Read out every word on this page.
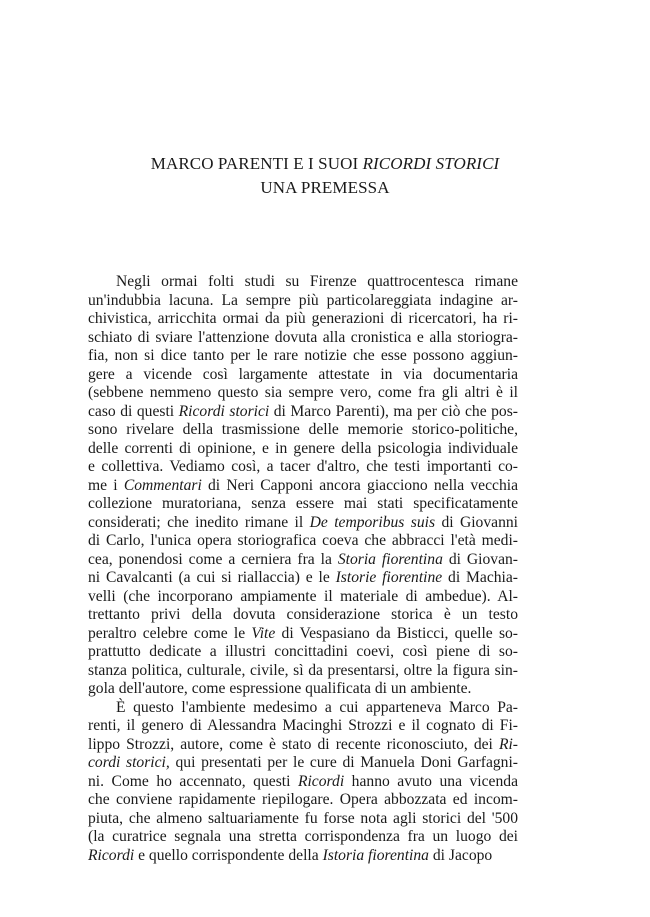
MARCO PARENTI E I SUOI RICORDI STORICI
UNA PREMESSA
Negli ormai folti studi su Firenze quattrocentesca rimane
un'indubbia lacuna. La sempre più particolareggiata indagine ar-
chivistica, arricchita ormai da più generazioni di ricercatori, ha ri-
schiato di sviare l'attenzione dovuta alla cronistica e alla storiogra-
fia, non si dice tanto per le rare notizie che esse possono aggiun-
gere a vicende così largamente attestate in via documentaria
(sebbene nemmeno questo sia sempre vero, come fra gli altri è il
caso di questi Ricordi storici di Marco Parenti), ma per ciò che pos-
sono rivelare della trasmissione delle memorie storico-politiche,
delle correnti di opinione, e in genere della psicologia individuale
e collettiva. Vediamo così, a tacer d'altro, che testi importanti co-
me i Commentari di Neri Capponi ancora giacciono nella vecchia
collezione muratoriana, senza essere mai stati specificatamente
considerati; che inedito rimane il De temporibus suis di Giovanni
di Carlo, l'unica opera storiografica coeva che abbracci l'età medi-
cea, ponendosi come a cerniera fra la Storia fiorentina di Giovan-
ni Cavalcanti (a cui si riallaccia) e le Istorie fiorentine di Machia-
velli (che incorporano ampiamente il materiale di ambedue). Al-
trettanto privi della dovuta considerazione storica è un testo
peraltro celebre come le Vite di Vespasiano da Bisticci, quelle so-
prattutto dedicate a illustri concittadini coevi, così piene di so-
stanza politica, culturale, civile, sì da presentarsi, oltre la figura sin-
gola dell'autore, come espressione qualificata di un ambiente.
È questo l'ambiente medesimo a cui apparteneva Marco Pa-
renti, il genero di Alessandra Macinghi Strozzi e il cognato di Fi-
lippo Strozzi, autore, come è stato di recente riconosciuto, dei Ri-
cordi storici, qui presentati per le cure di Manuela Doni Garfagni-
ni. Come ho accennato, questi Ricordi hanno avuto una vicenda
che conviene rapidamente riepilogare. Opera abbozzata ed incom-
piuta, che almeno saltuariamente fu forse nota agli storici del '500
(la curatrice segnala una stretta corrispondenza fra un luogo dei
Ricordi e quello corrispondente della Istoria fiorentina di Jacopo
